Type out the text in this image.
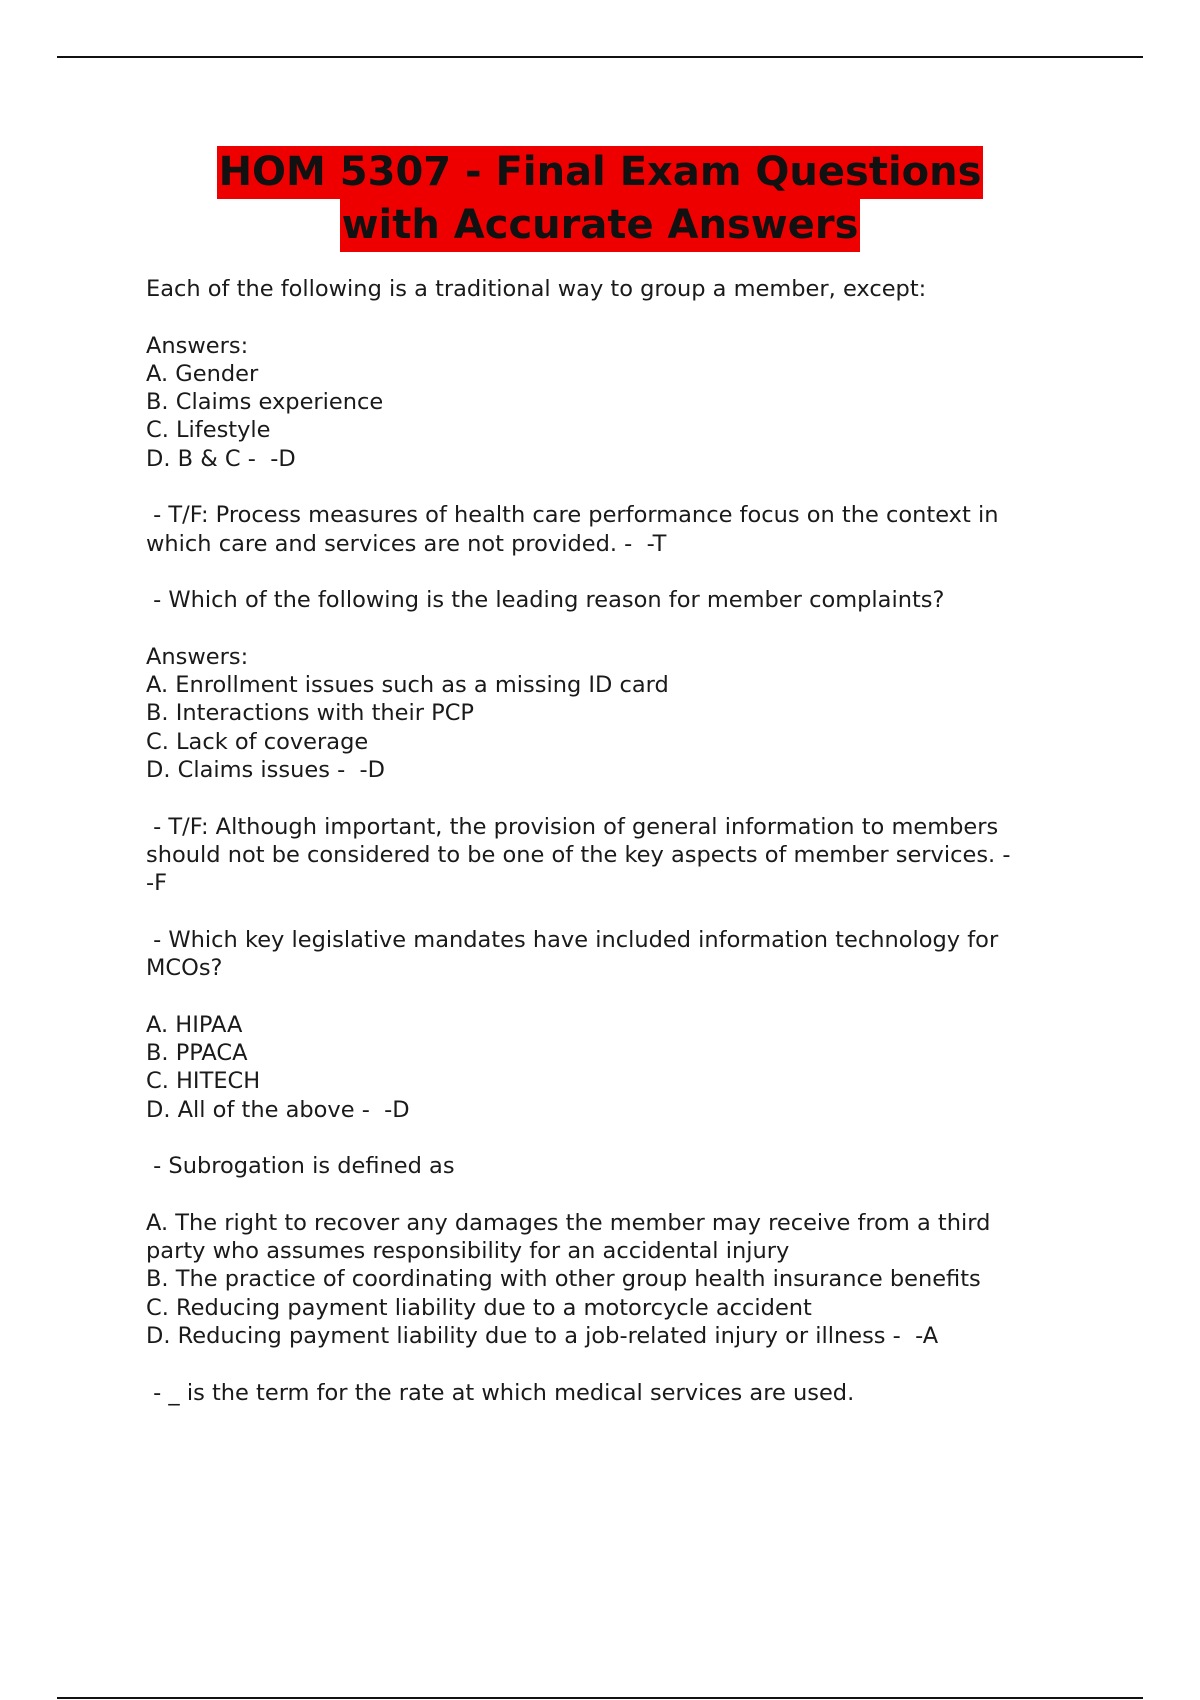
HOM 5307 - Final Exam Questions
with Accurate Answers
Each of the following is a traditional way to group a member, except:
Answers:
A. Gender
B. Claims experience
C. Lifestyle
D. B & C -  -D
- T/F: Process measures of health care performance focus on the context in
which care and services are not provided. -  -T
- Which of the following is the leading reason for member complaints?
Answers:
A. Enrollment issues such as a missing ID card
B. Interactions with their PCP
C. Lack of coverage
D. Claims issues -  -D
- T/F: Although important, the provision of general information to members
should not be considered to be one of the key aspects of member services. -
-F
- Which key legislative mandates have included information technology for
MCOs?
A. HIPAA
B. PPACA
C. HITECH
D. All of the above -  -D
- Subrogation is defined as
A. The right to recover any damages the member may receive from a third
party who assumes responsibility for an accidental injury
B. The practice of coordinating with other group health insurance benefits
C. Reducing payment liability due to a motorcycle accident
D. Reducing payment liability due to a job-related injury or illness -  -A
- _ is the term for the rate at which medical services are used.
